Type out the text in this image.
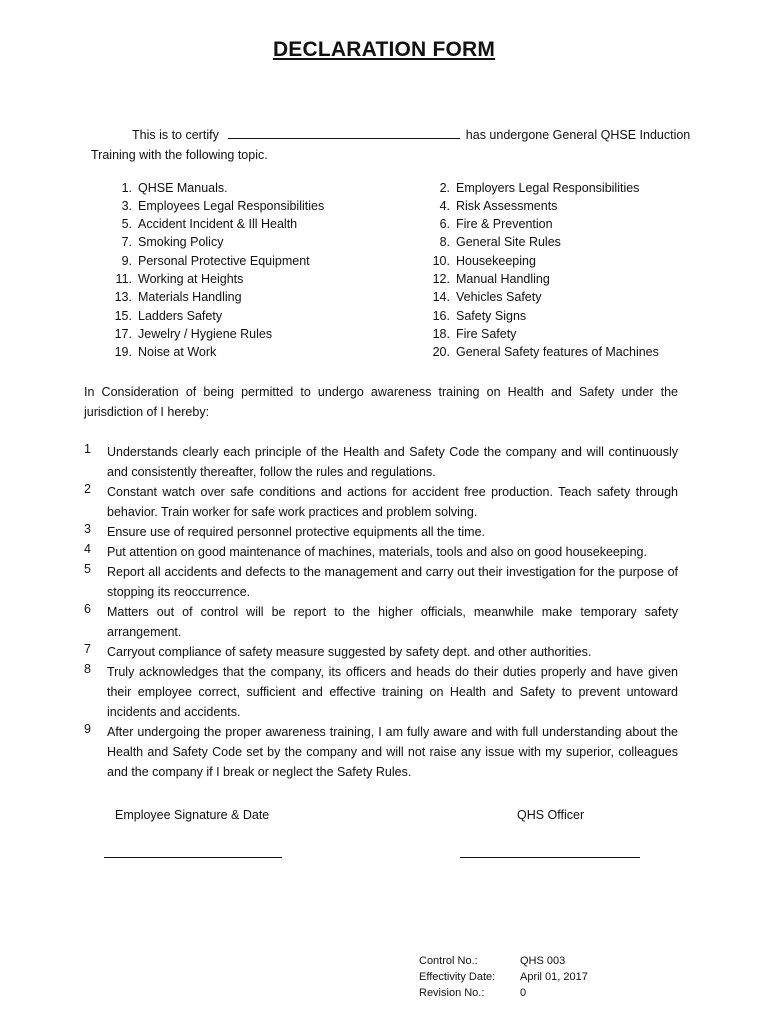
DECLARATION FORM
This is to certify	has undergone General QHSE Induction
Training with the following topic.
1. QHSE Manuals.	2. Employers Legal Responsibilities
3. Employees Legal Responsibilities	4. Risk Assessments
5. Accident Incident & Ill Health	6. Fire & Prevention
7. Smoking Policy	8. General Site Rules
9. Personal Protective Equipment	10. Housekeeping
11. Working at Heights	12. Manual Handling
13. Materials Handling	14. Vehicles Safety
15. Ladders Safety	16. Safety Signs
17. Jewelry / Hygiene Rules	18. Fire Safety
19. Noise at Work	20. General Safety features of Machines
In Consideration of being permitted to undergo awareness training on Health and Safety under the jurisdiction of I hereby:
1 Understands clearly each principle of the Health and Safety Code the company and will continuously and consistently thereafter, follow the rules and regulations.
2 Constant watch over safe conditions and actions for accident free production. Teach safety through behavior. Train worker for safe work practices and problem solving.
3 Ensure use of required personnel protective equipments all the time.
4 Put attention on good maintenance of machines, materials, tools and also on good housekeeping.
5 Report all accidents and defects to the management and carry out their investigation for the purpose of stopping its reoccurrence.
6 Matters out of control will be report to the higher officials, meanwhile make temporary safety arrangement.
7 Carryout compliance of safety measure suggested by safety dept. and other authorities.
8 Truly acknowledges that the company, its officers and heads do their duties properly and have given their employee correct, sufficient and effective training on Health and Safety to prevent untoward incidents and accidents.
9 After undergoing the proper awareness training, I am fully aware and with full understanding about the Health and Safety Code set by the company and will not raise any issue with my superior, colleagues and the company if I break or neglect the Safety Rules.
Employee Signature & Date	QHS Officer
Control No.:	QHS 003
Effectivity Date: April 01, 2017
Revision No.:	0
